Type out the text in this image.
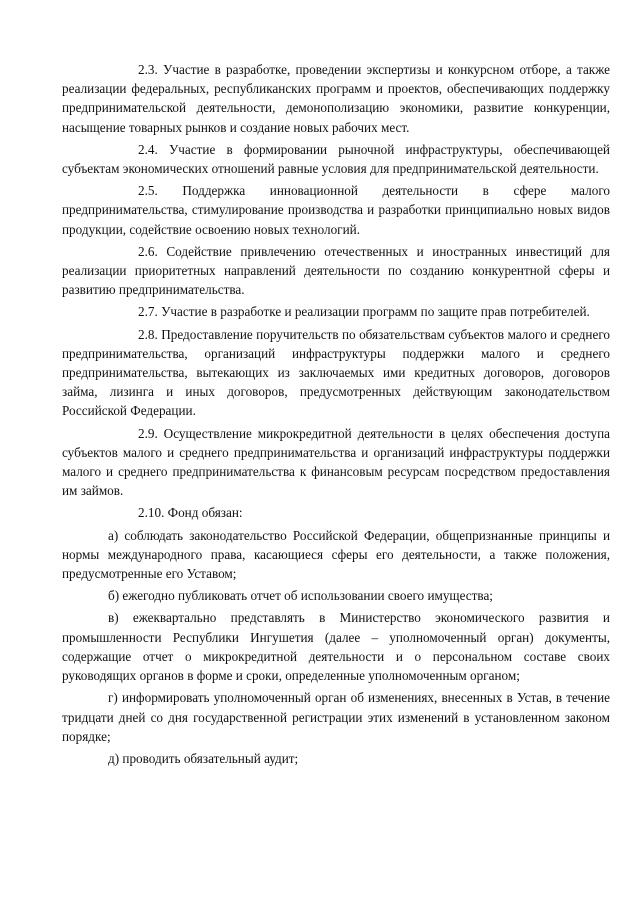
2.3. Участие в разработке, проведении экспертизы и конкурсном отборе, а также реализации федеральных, республиканских программ и проектов, обеспечивающих поддержку предпринимательской деятельности, демонополизацию экономики, развитие конкуренции, насыщение товарных рынков и создание новых рабочих мест.

2.4. Участие в формировании рыночной инфраструктуры, обеспечивающей субъектам экономических отношений равные условия для предпринимательской деятельности.

2.5. Поддержка инновационной деятельности в сфере малого предпринимательства, стимулирование производства и разработки принципиально новых видов продукции, содействие освоению новых технологий.

2.6. Содействие привлечению отечественных и иностранных инвестиций для реализации приоритетных направлений деятельности по созданию конкурентной сферы и развитию предпринимательства.

2.7. Участие в разработке и реализации программ по защите прав потребителей.

2.8. Предоставление поручительств по обязательствам субъектов малого и среднего предпринимательства, организаций инфраструктуры поддержки малого и среднего предпринимательства, вытекающих из заключаемых ими кредитных договоров, договоров займа, лизинга и иных договоров, предусмотренных действующим законодательством Российской Федерации.

2.9. Осуществление микрокредитной деятельности в целях обеспечения доступа субъектов малого и среднего предпринимательства и организаций инфраструктуры поддержки малого и среднего предпринимательства к финансовым ресурсам посредством предоставления им займов.

2.10. Фонд обязан:

а) соблюдать законодательство Российской Федерации, общепризнанные принципы и нормы международного права, касающиеся сферы его деятельности, а также положения, предусмотренные его Уставом;

б) ежегодно публиковать отчет об использовании своего имущества;

в) ежеквартально представлять в Министерство экономического развития и промышленности Республики Ингушетия (далее – уполномоченный орган) документы, содержащие отчет о микрокредитной деятельности и о персональном составе своих руководящих органов в форме и сроки, определенные уполномоченным органом;

г) информировать уполномоченный орган об изменениях, внесенных в Устав, в течение тридцати дней со дня государственной регистрации этих изменений в установленном законом порядке;

д) проводить обязательный аудит;
